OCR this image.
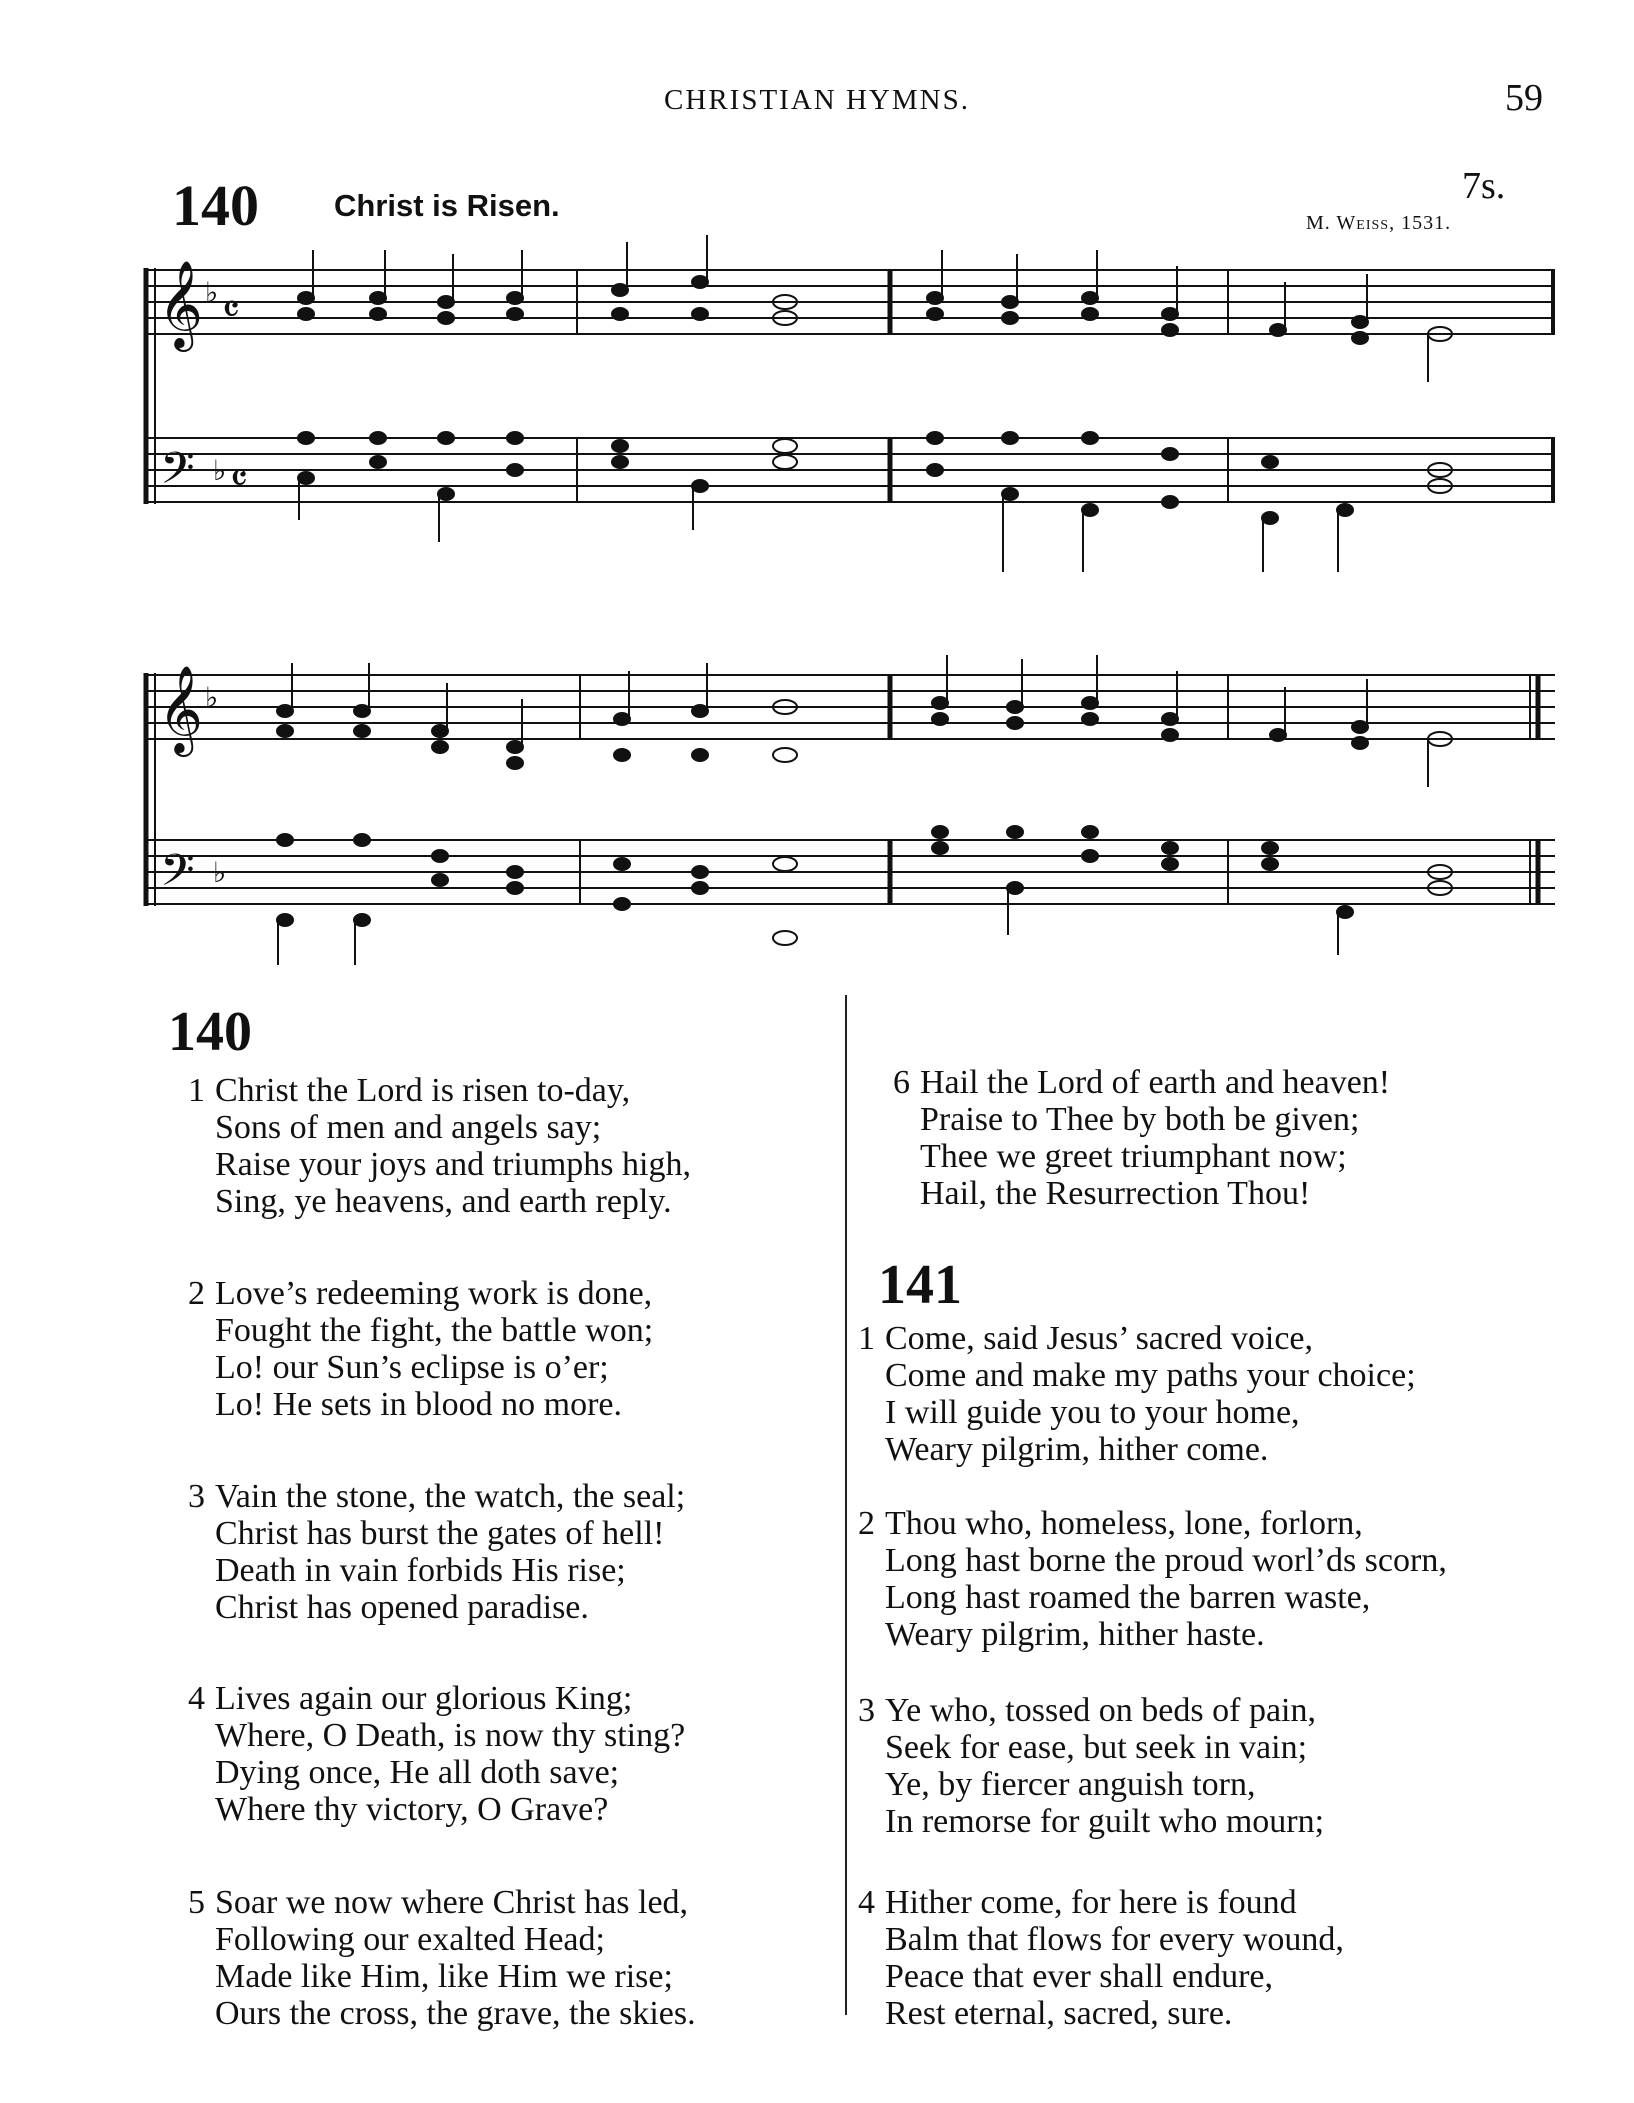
CHRISTIAN HYMNS.	59
140 Christ is Risen.	7s.
M. Weiss, 1531.
𝄞
𝄢
♭
♭
𝄴
𝄴
𝄞
𝄢
♭
♭
140
1 Christ the Lord is risen to-day,
Sons of men and angels say;
Raise your joys and triumphs high,
Sing, ye heavens, and earth reply.
2 Love’s redeeming work is done,
Fought the fight, the battle won;
Lo! our Sun’s eclipse is o’er;
Lo! He sets in blood no more.
3 Vain the stone, the watch, the seal;
Christ has burst the gates of hell!
Death in vain forbids His rise;
Christ has opened paradise.
4 Lives again our glorious King;
Where, O Death, is now thy sting?
Dying once, He all doth save;
Where thy victory, O Grave?
5 Soar we now where Christ has led,
Following our exalted Head;
Made like Him, like Him we rise;
Ours the cross, the grave, the skies.
6 Hail the Lord of earth and heaven!
Praise to Thee by both be given;
Thee we greet triumphant now;
Hail, the Resurrection Thou!
141
1 Come, said Jesus’ sacred voice,
Come and make my paths your choice;
I will guide you to your home,
Weary pilgrim, hither come.
2 Thou who, homeless, lone, forlorn,
Long hast borne the proud worl’ds scorn,
Long hast roamed the barren waste,
Weary pilgrim, hither haste.
3 Ye who, tossed on beds of pain,
Seek for ease, but seek in vain;
Ye, by fiercer anguish torn,
In remorse for guilt who mourn;
4 Hither come, for here is found
Balm that flows for every wound,
Peace that ever shall endure,
Rest eternal, sacred, sure.
